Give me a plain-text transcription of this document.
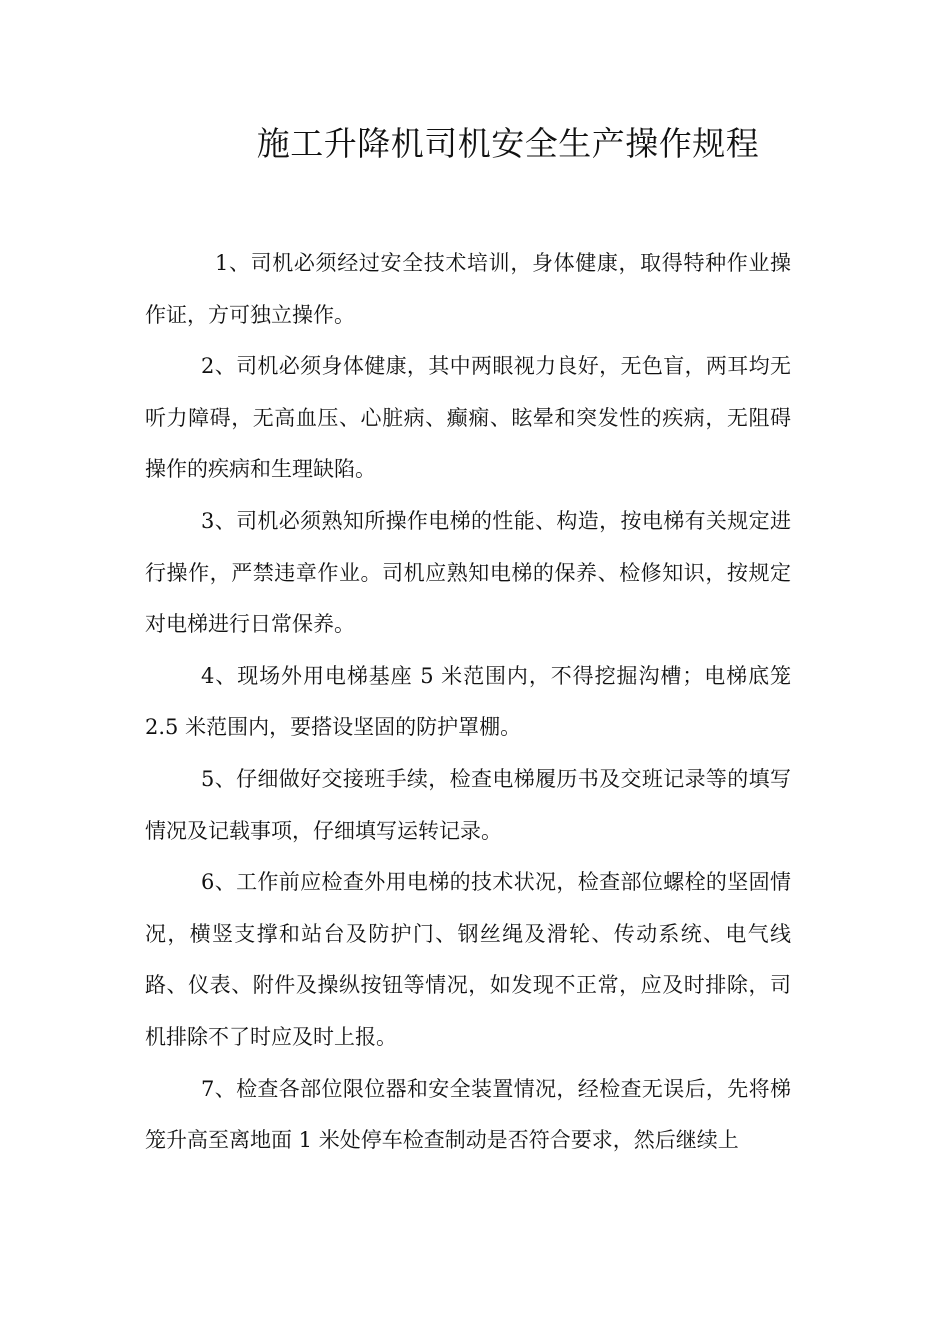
施工升降机司机安全生产操作规程

1、司机必须经过安全技术培训，身体健康，取得特种作业操作证，方可独立操作。

2、司机必须身体健康，其中两眼视力良好，无色盲，两耳均无听力障碍，无高血压、心脏病、癫痫、眩晕和突发性的疾病，无阻碍操作的疾病和生理缺陷。

3、司机必须熟知所操作电梯的性能、构造，按电梯有关规定进行操作，严禁违章作业。司机应熟知电梯的保养、检修知识，按规定对电梯进行日常保养。

4、现场外用电梯基座 5 米范围内，不得挖掘沟槽；电梯底笼 2.5 米范围内，要搭设坚固的防护罩棚。

5、仔细做好交接班手续，检查电梯履历书及交班记录等的填写情况及记载事项，仔细填写运转记录。

6、工作前应检查外用电梯的技术状况，检查部位螺栓的坚固情况，横竖支撑和站台及防护门、钢丝绳及滑轮、传动系统、电气线路、仪表、附件及操纵按钮等情况，如发现不正常，应及时排除，司机排除不了时应及时上报。

7、检查各部位限位器和安全装置情况，经检查无误后，先将梯笼升高至离地面 1 米处停车检查制动是否符合要求，然后继续上
